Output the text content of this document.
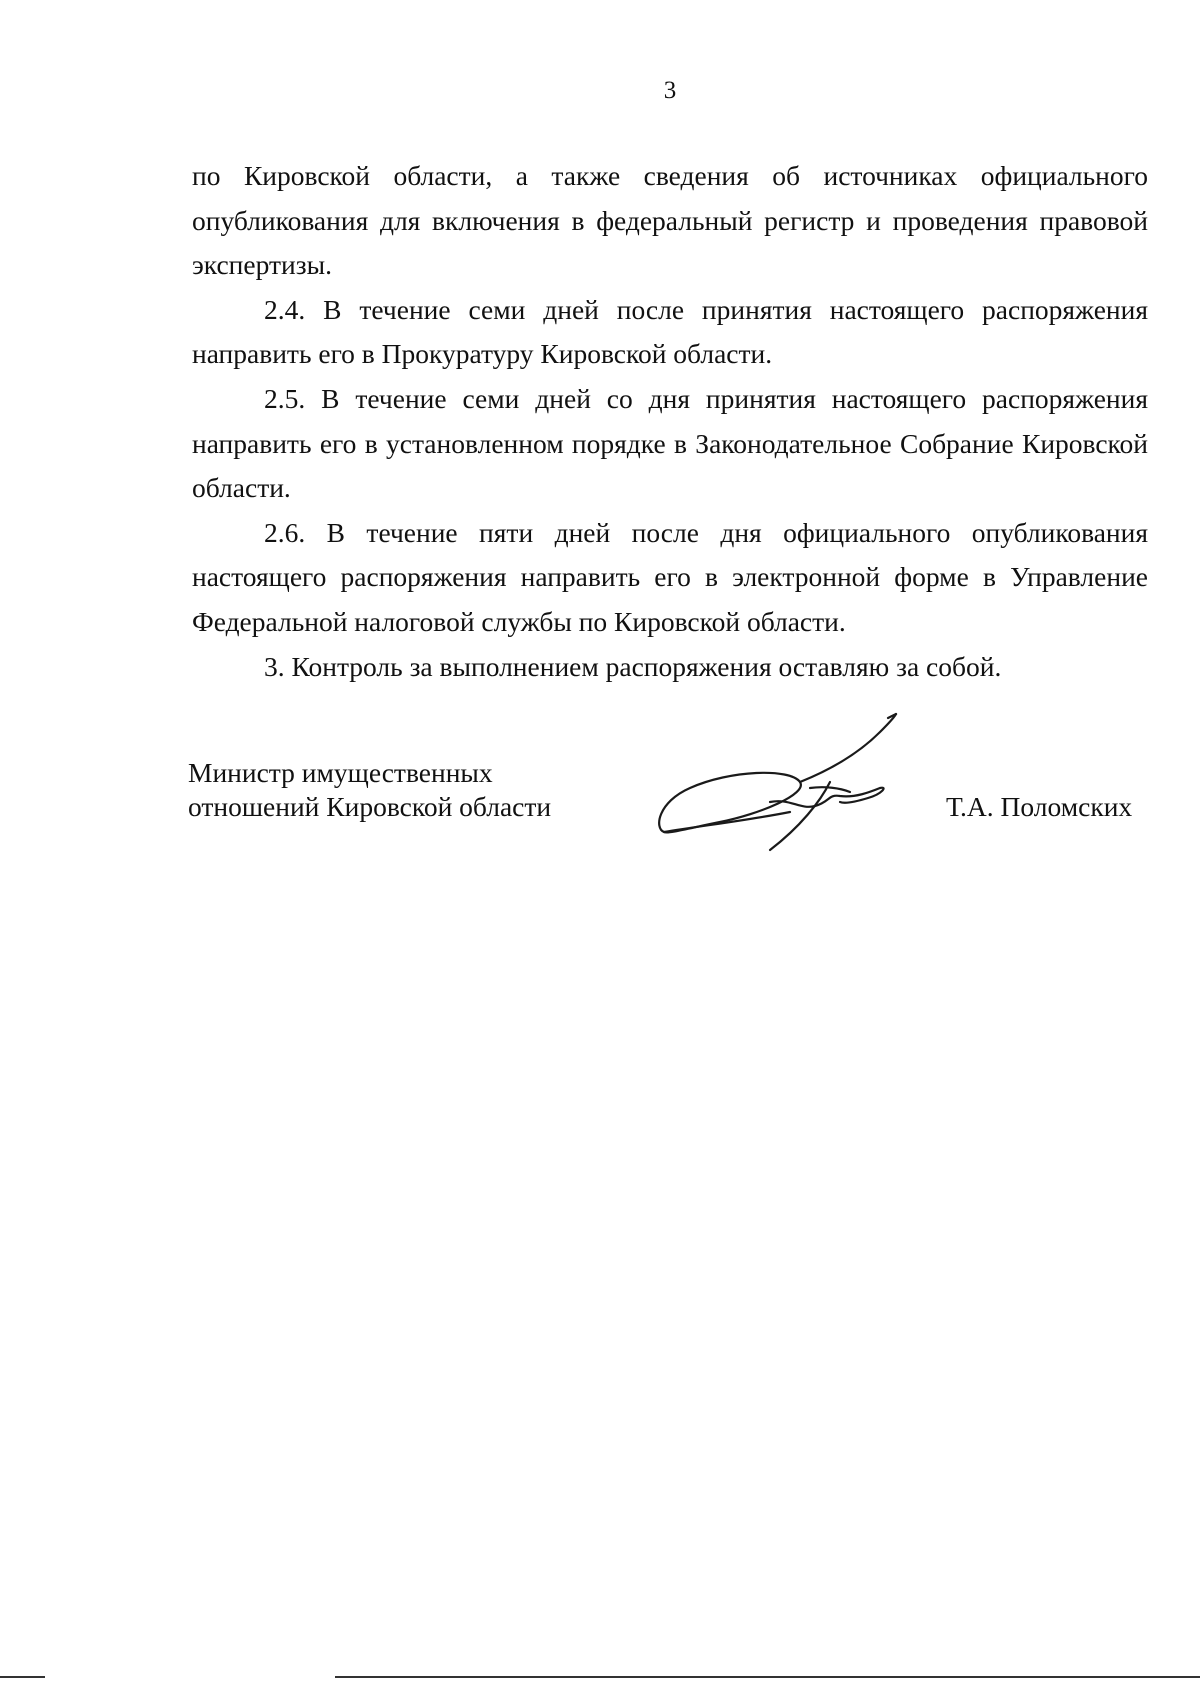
3

по Кировской области, а также сведения об источниках официального опубликования для включения в федеральный регистр и проведения правовой экспертизы.

2.4. В течение семи дней после принятия настоящего распоряжения направить его в Прокуратуру Кировской области.

2.5. В течение семи дней со дня принятия настоящего распоряжения направить его в установленном порядке в Законодательное Собрание Кировской области.

2.6. В течение пяти дней после дня официального опубликования настоящего распоряжения направить его в электронной форме в Управление Федеральной налоговой службы по Кировской области.

3. Контроль за выполнением распоряжения оставляю за собой.

Министр имущественных
отношений Кировской области	Т.А. Поломских
